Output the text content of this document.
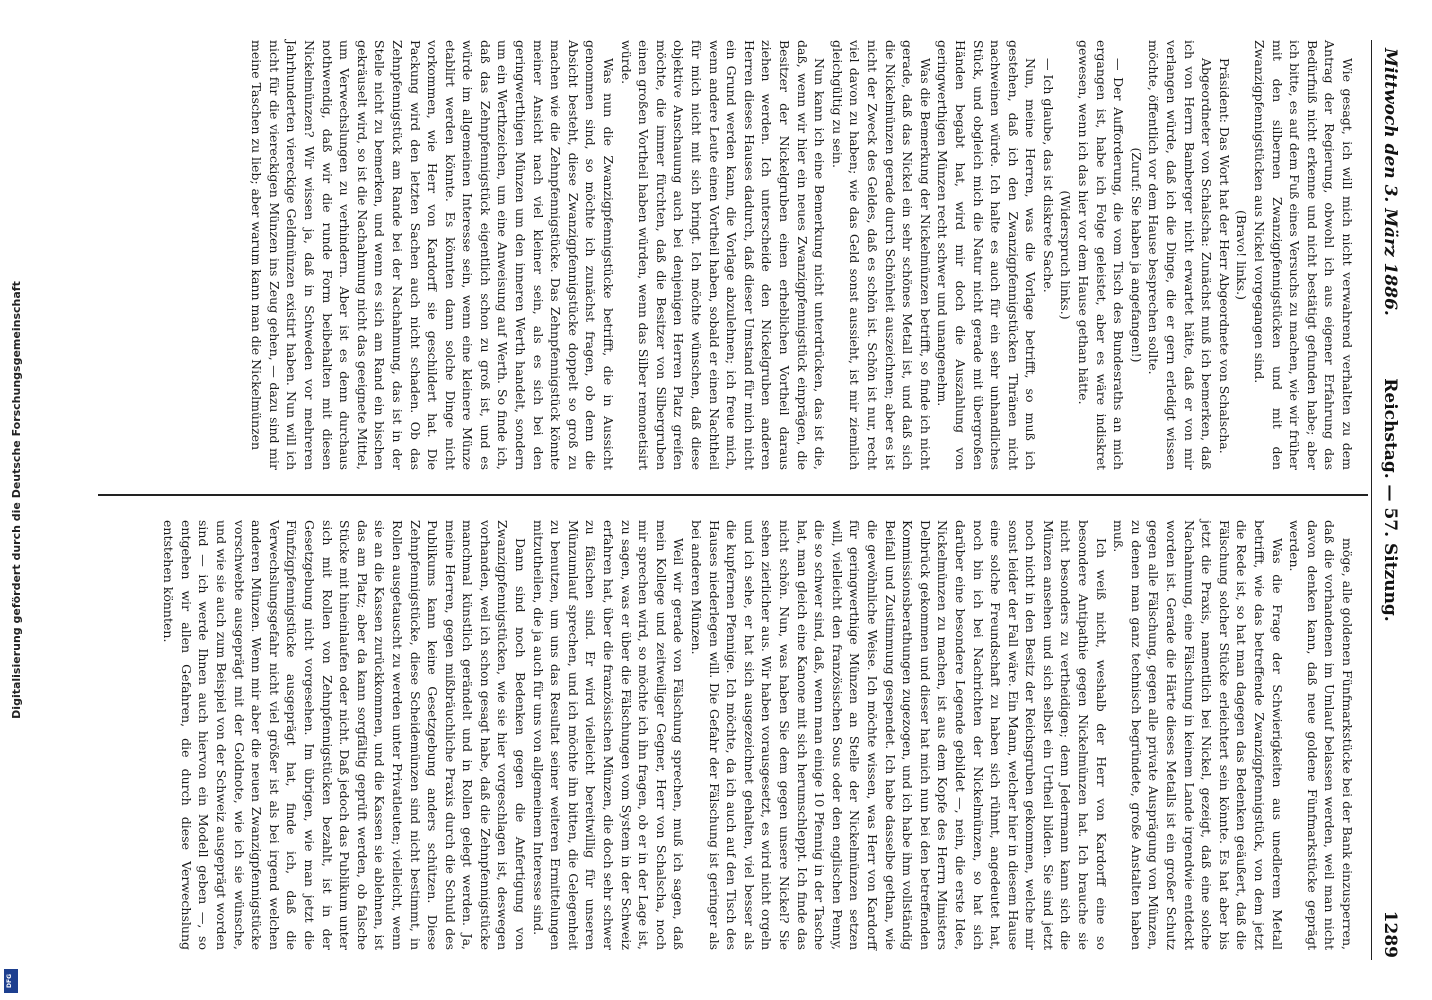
DFG
Digitalisierung gefördert durch die Deutsche Forschungsgemeinschaft
Mittwoch den 3. März 1886.
Reichstag. — 57. Sitzung.
1289

Wie gesagt, ich will mich nicht verwahrend verhalten zu dem Antrag der Regierung, obwohl ich aus eigener Erfahrung das Bedürfniß nicht erkenne und nicht bestätigt gefunden habe; aber ich bitte, es auf dem Fuß eines Versuchs zu machen, wie wir früher mit den silbernen Zwanzigpfennigstücken und mit den Zwanzigpfennigstücken aus Nickel vorgegangen sind.

(Bravo! links.)

Präsident: Das Wort hat der Herr Abgeordnete von Schalscha.

Abgeordneter von Schalscha: Zunächst muß ich bemerken, daß ich von Herrn Bamberger nicht erwartet hätte, daß er von mir verlangen würde, daß ich die Dinge, die er gern erledigt wissen möchte, öffentlich vor dem Hause besprechen sollte.

(Zuruf: Sie haben ja angefangen!)

— Der Aufforderung, die vom Tisch des Bundesraths an mich ergangen ist, habe ich Folge geleistet, aber es wäre indiskret gewesen, wenn ich das hier vor dem Hause gethan hätte.

(Widerspruch links.)

— Ich glaube, das ist diskrete Sache.

Nun, meine Herren, was die Vorlage betrifft, so muß ich gestehen, daß ich den Zwanzigpfennigstücken Thränen nicht nachweinen würde. Ich halte es auch für ein sehr unhandliches Stück, und obgleich mich die Natur nicht gerade mit übergroßen Händen begabt hat, wird mir doch die Auszahlung von geringwerthigen Münzen recht schwer und unangenehm.

Was die Bemerkung der Nickelmünzen betrifft, so finde ich nicht gerade, daß das Nickel ein sehr schönes Metall ist, und daß sich die Nickelmünzen gerade durch Schönheit auszeichnen; aber es ist nicht der Zweck des Geldes, daß es schön ist. Schön ist nur, recht viel davon zu haben; wie das Geld sonst aussieht, ist mir ziemlich gleichgültig zu sein.

Nun kann ich eine Bemerkung nicht unterdrücken, das ist die, daß, wenn wir hier ein neues Zwanzigpfennigstück einprägen, die Besitzer der Nickelgruben einen erheblichen Vortheil daraus ziehen werden. Ich unterscheide den Nickelgruben anderen Herren dieses Hauses dadurch, daß dieser Umstand für mich nicht ein Grund werden kann, die Vorlage abzulehnen; ich freue mich, wenn andere Leute einen Vortheil haben, sobald er einen Nachtheil für mich nicht mit sich bringt. Ich möchte wünschen, daß diese objektive Anschauung auch bei denjenigen Herren Platz greifen möchte, die immer fürchten, daß die Besitzer von Silbergruben einen großen Vortheil haben würden, wenn das Silber remonetisirt würde.

Was nun die Zwanzigpfennigstücke betrifft, die in Aussicht genommen sind, so möchte ich zunächst fragen, ob denn die Absicht besteht, diese Zwanzigpfennigstücke doppelt so groß zu machen wie die Zehnpfennigstücke. Das Zehnpfennigstück könnte meiner Ansicht nach viel kleiner sein, als es sich bei den geringwerthigen Münzen um den inneren Werth handelt, sondern um ein Werthzeichen, um eine Anweisung auf Werth. So finde ich, daß das Zehnpfennigstück eigentlich schon zu groß ist, und es würde im allgemeinen Interesse sein, wenn eine kleinere Münze etablirt werden könnte. Es könnten dann solche Dinge nicht vorkommen, wie Herr von Kardorff sie geschildert hat. Die Packung wird den letzten Sachen auch nicht schaden. Ob das Zehnpfennigstück am Rande bei der Nachahmung, das ist in der Stelle nicht zu bemerken, und wenn es sich am Rand ein bischen gekräuselt wird, so ist die Nachahmung nicht das geeignete Mittel, um Verwechslungen zu verhindern. Aber ist es denn durchaus nothwendig, daß wir die runde Form beibehalten mit diesen Nickelmünzen? Wir wissen ja, daß in Schweden vor mehreren Jahrhunderten viereckige Geldmünzen existirt haben. Nun will ich nicht für die viereckigen Münzen ins Zeug gehen, — dazu sind mir meine Taschen zu lieb; aber warum kann man die Nickelmünzen

möge, alle goldenen Fünfmarkstücke bei der Bank einzusperren, daß die vorhandenen im Umlauf belassen werden, weil man nicht davon denken kann, daß neue goldene Fünfmarkstücke geprägt werden.

Was die Frage der Schwierigkeiten aus unedlerem Metall betrifft, wie das betreffende Zwanzigpfennigstück, von dem jetzt die Rede ist, so hat man dagegen das Bedenken geäußert, daß die Fälschung solcher Stücke erleichtert sein könnte. Es hat aber bis jetzt die Praxis, namentlich bei Nickel, gezeigt, daß eine solche Nachahmung, eine Fälschung in keinem Lande irgendwie entdeckt worden ist. Gerade die Härte dieses Metalls ist ein großer Schutz gegen alle Fälschung, gegen alle private Ausprägung von Münzen, zu denen man ganz technisch begründete, große Anstalten haben muß.

Ich weiß nicht, weshalb der Herr von Kardorff eine so besondere Antipathie gegen Nickelmünzen hat. Ich brauche sie nicht besonders zu vertheidigen; denn Jedermann kann sich die Münzen ansehen und sich selbst ein Urtheil bilden. Sie sind jetzt noch nicht in den Besitz der Reichsgruben gekommen, welche mir sonst leider der Fall wäre. Ein Mann, welcher hier in diesem Hause eine solche Freundschaft zu haben sich rühmt, angedeutet hat, noch bin ich bei Nachrichten der Nickelmünzen, so hat sich darüber eine besondere Legende gebildet —, nein, die erste Idee, Nickelmünzen zu machen, ist aus dem Kopfe des Herrn Ministers Delbrück gekommen und dieser hat mich nun bei den betreffenden Kommissionsberathungen zugezogen, und ich habe ihm vollständig Beifall und Zustimmung gespendet. Ich habe dasselbe gethan, wie die gewöhnliche Weise. Ich möchte wissen, was Herr von Kardorff für geringwerthige Münzen an Stelle der Nickelmünzen setzen will, vielleicht den französischen Sous oder den englischen Penny, die so schwer sind, daß, wenn man einige 10 Pfennig in der Tasche hat, man gleich eine Kanone mit sich herumschleppt. Ich finde das nicht schön. Nun, was haben Sie dem gegen unsere Nickel? Sie sehen zierlicher aus. Wir haben vorausgesetzt, es wird nicht orgeln und ich sehe, er hat sich ausgezeichnet gehalten, viel besser als die kupfernen Pfennige. Ich möchte, da ich auch auf den Tisch des Hauses niederlegen will. Die Gefahr der Fälschung ist geringer als bei anderen Münzen.

Weil wir gerade von Fälschung sprechen, muß ich sagen, daß mein Kollege und zeitweiliger Gegner, Herr von Schalscha, noch mir sprechen wird, so möchte ich ihn fragen, ob er in der Lage ist, zu sagen, was er über die Fälschungen vom System in der Schweiz erfahren hat, über die französischen Münzen, die doch sehr schwer zu fälschen sind. Er wird vielleicht bereitwillig für unseren Münzumlauf sprechen, und ich möchte ihn bitten, die Gelegenheit zu benutzen, um uns das Resultat seiner weiteren Ermittelungen mitzutheilen, die ja auch für uns von allgemeinem Interesse sind.

Dann sind noch Bedenken gegen die Anfertigung von Zwanzigpfennigstücken, wie sie hier vorgeschlagen ist, deswegen vorhanden, weil ich schon gesagt habe, daß die Zehnpfennigstücke manchmal künstlich gerändelt und in Rollen gelegt werden. Ja, meine Herren, gegen mißbräuchliche Praxis durch die Schuld des Publikums kann keine Gesetzgebung anders schützen. Diese Zehnpfennigstücke, diese Scheidemünzen sind nicht bestimmt, in Rollen ausgetauscht zu werden unter Privatleuten; vielleicht, wenn sie an die Kassen zurückkommen, und die Kassen sie ablehnen, ist das am Platz; aber da kann sorgfältig geprüft werden, ob falsche Stücke mit hineinlaufen oder nicht. Daß jedoch das Publikum unter sich mit Rollen von Zehnpfennigstücken bezahlt, ist in der Gesetzgebung nicht vorgesehen. Im übrigen, wie man jetzt die Fünfzigpfennigstücke ausgeprägt hat, finde ich, daß die Verwechslungsgefahr nicht viel größer ist als bei irgend welchen anderen Münzen. Wenn mir aber die neuen Zwanzigpfennigstücke vorschwebte ausgeprägt mit der Goldnote, wie ich sie wünsche, und wie sie auch zum Beispiel von der Schweiz ausgeprägt worden sind — ich werde Ihnen auch hiervon ein Modell geben —, so entgehen wir allen Gefahren, die durch diese Verwechslung entstehen könnten.
